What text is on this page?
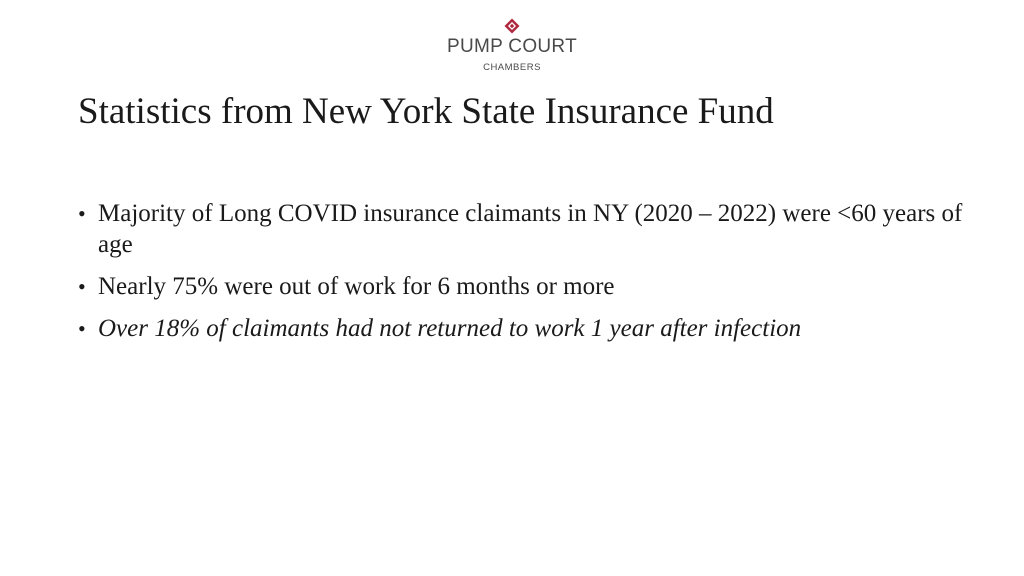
PUMP COURT
CHAMBERS
Statistics from New York State Insurance Fund
• Majority of Long COVID insurance claimants in NY (2020 – 2022) were <60 years of age
• Nearly 75% were out of work for 6 months or more
• Over 18% of claimants had not returned to work 1 year after infection
